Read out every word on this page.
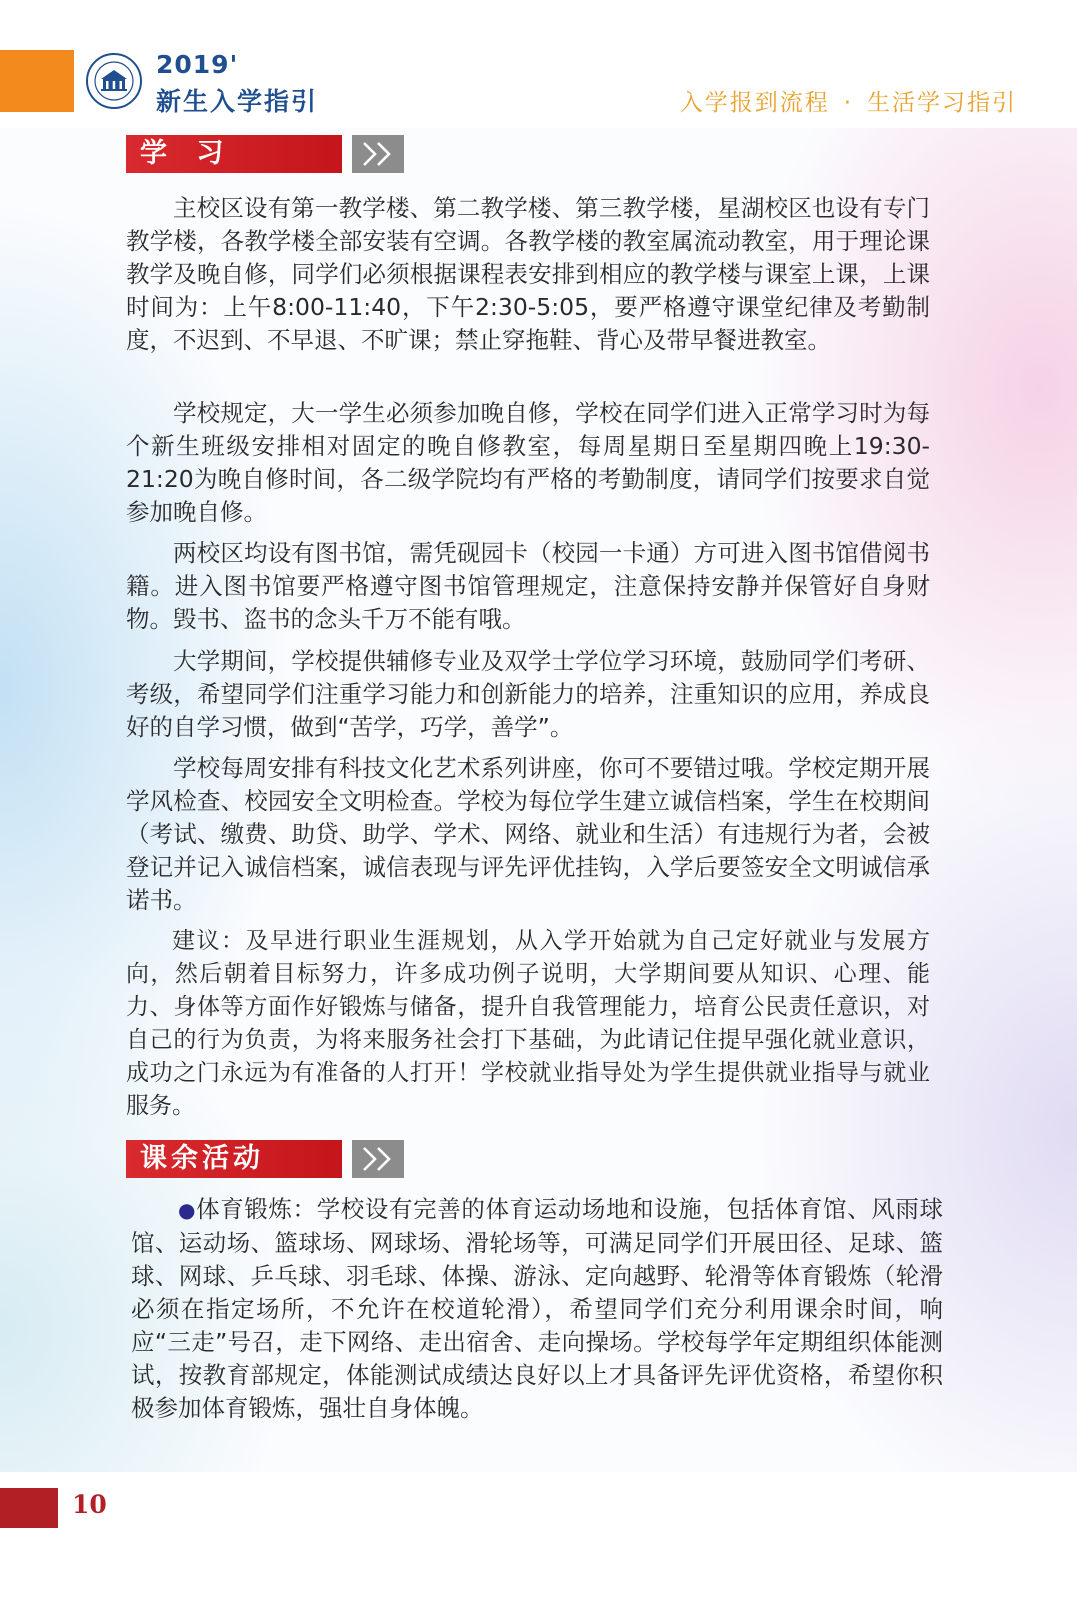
2019'
新生入学指引	入学报到流程 · 生活学习指引
学 习

主校区设有第一教学楼、第二教学楼、第三教学楼，星湖校区也设有专门教学楼，各教学楼全部安装有空调。各教学楼的教室属流动教室，用于理论课教学及晚自修，同学们必须根据课程表安排到相应的教学楼与课室上课，上课时间为：上午8:00-11:40，下午2:30-5:05，要严格遵守课堂纪律及考勤制度，不迟到、不早退、不旷课；禁止穿拖鞋、背心及带早餐进教室。

学校规定，大一学生必须参加晚自修，学校在同学们进入正常学习时为每个新生班级安排相对固定的晚自修教室，每周星期日至星期四晚上19:30-21:20为晚自修时间，各二级学院均有严格的考勤制度，请同学们按要求自觉参加晚自修。

两校区均设有图书馆，需凭砚园卡（校园一卡通）方可进入图书馆借阅书籍。进入图书馆要严格遵守图书馆管理规定，注意保持安静并保管好自身财物。毁书、盗书的念头千万不能有哦。

大学期间，学校提供辅修专业及双学士学位学习环境，鼓励同学们考研、考级，希望同学们注重学习能力和创新能力的培养，注重知识的应用，养成良好的自学习惯，做到“苦学，巧学，善学”。

学校每周安排有科技文化艺术系列讲座，你可不要错过哦。学校定期开展学风检查、校园安全文明检查。学校为每位学生建立诚信档案，学生在校期间（考试、缴费、助贷、助学、学术、网络、就业和生活）有违规行为者，会被登记并记入诚信档案，诚信表现与评先评优挂钩，入学后要签安全文明诚信承诺书。

建议：及早进行职业生涯规划，从入学开始就为自己定好就业与发展方向，然后朝着目标努力，许多成功例子说明，大学期间要从知识、心理、能力、身体等方面作好锻炼与储备，提升自我管理能力，培育公民责任意识，对自己的行为负责，为将来服务社会打下基础，为此请记住提早强化就业意识，成功之门永远为有准备的人打开！学校就业指导处为学生提供就业指导与就业服务。

课余活动

●体育锻炼：学校设有完善的体育运动场地和设施，包括体育馆、风雨球馆、运动场、篮球场、网球场、滑轮场等，可满足同学们开展田径、足球、篮球、网球、乒乓球、羽毛球、体操、游泳、定向越野、轮滑等体育锻炼（轮滑必须在指定场所，不允许在校道轮滑），希望同学们充分利用课余时间，响应“三走”号召，走下网络、走出宿舍、走向操场。学校每学年定期组织体能测试，按教育部规定，体能测试成绩达良好以上才具备评先评优资格，希望你积极参加体育锻炼，强壮自身体魄。

10
